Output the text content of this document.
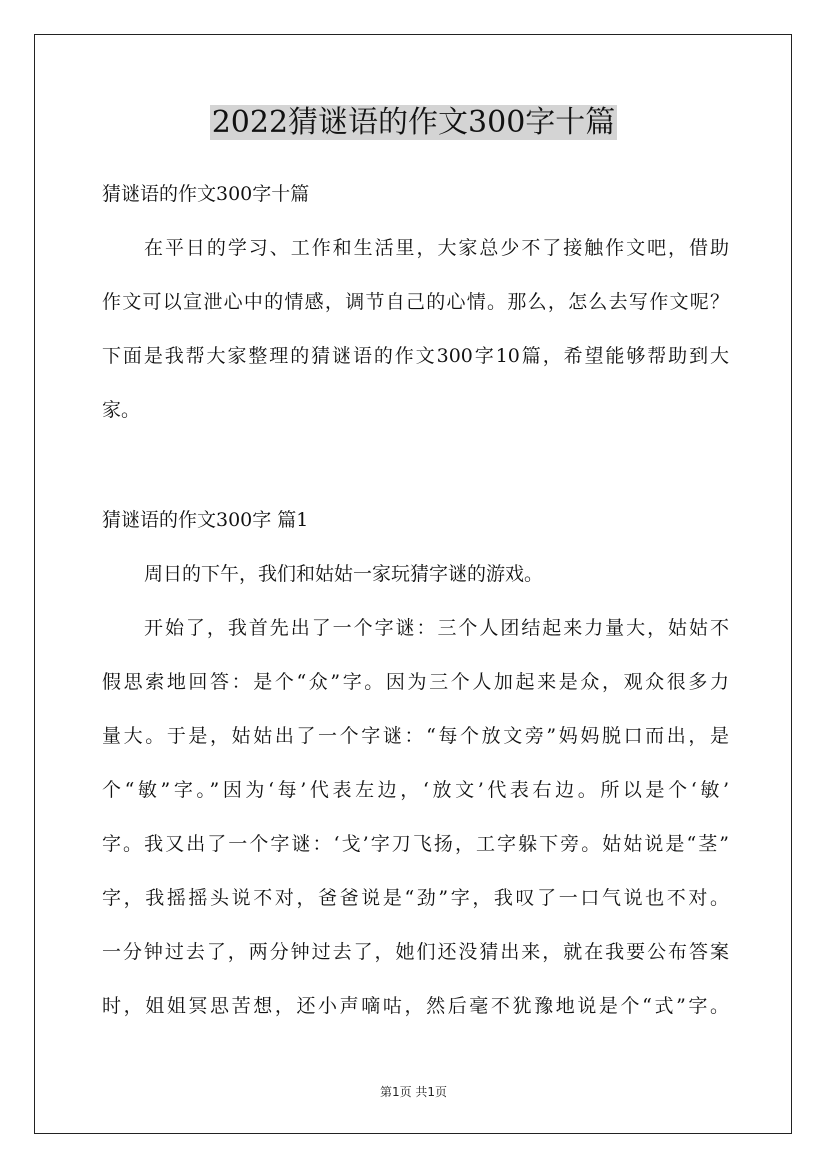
2022猜谜语的作文300字十篇

猜谜语的作文300字十篇

在平日的学习、工作和生活里，大家总少不了接触作文吧，借助

作文可以宣泄心中的情感，调节自己的心情。那么，怎么去写作文呢？

下面是我帮大家整理的猜谜语的作文300字10篇，希望能够帮助到大

家。

猜谜语的作文300字 篇1

周日的下午，我们和姑姑一家玩猜字谜的游戏。

开始了，我首先出了一个字谜：三个人团结起来力量大，姑姑不

假思索地回答：是个“众”字。因为三个人加起来是众，观众很多力

量大。于是，姑姑出了一个字谜：“每个放文旁”妈妈脱口而出，是

个“敏”字。”因为‘每’代表左边，‘放文’代表右边。所以是个‘敏’

字。我又出了一个字谜：‘戈’字刀飞扬，工字躲下旁。姑姑说是“茎”

字，我摇摇头说不对，爸爸说是“劲”字，我叹了一口气说也不对。

一分钟过去了，两分钟过去了，她们还没猜出来，就在我要公布答案

时，姐姐冥思苦想，还小声嘀咕，然后毫不犹豫地说是个“式”字。

第1页 共1页
